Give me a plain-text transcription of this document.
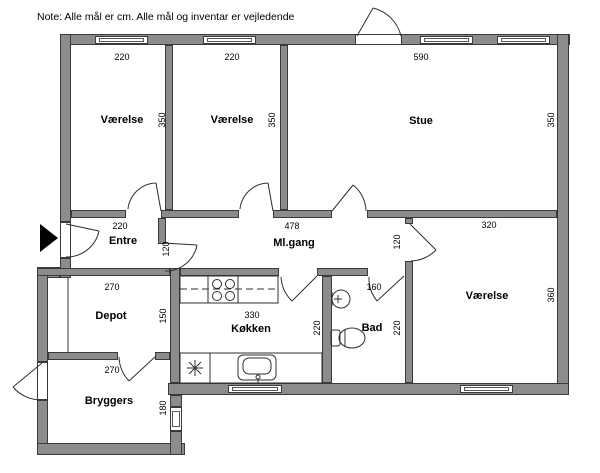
Note: Alle mål er cm. Alle mål og inventar er vejledende
220
Værelse 350
220
Værelse 350
590
Stue	350
220
Entre
120
478
Ml.gang	120
320
Værelse	360
270
Depot	150	330
Køkken	220
160
Bad 220
270
Bryggers	180
